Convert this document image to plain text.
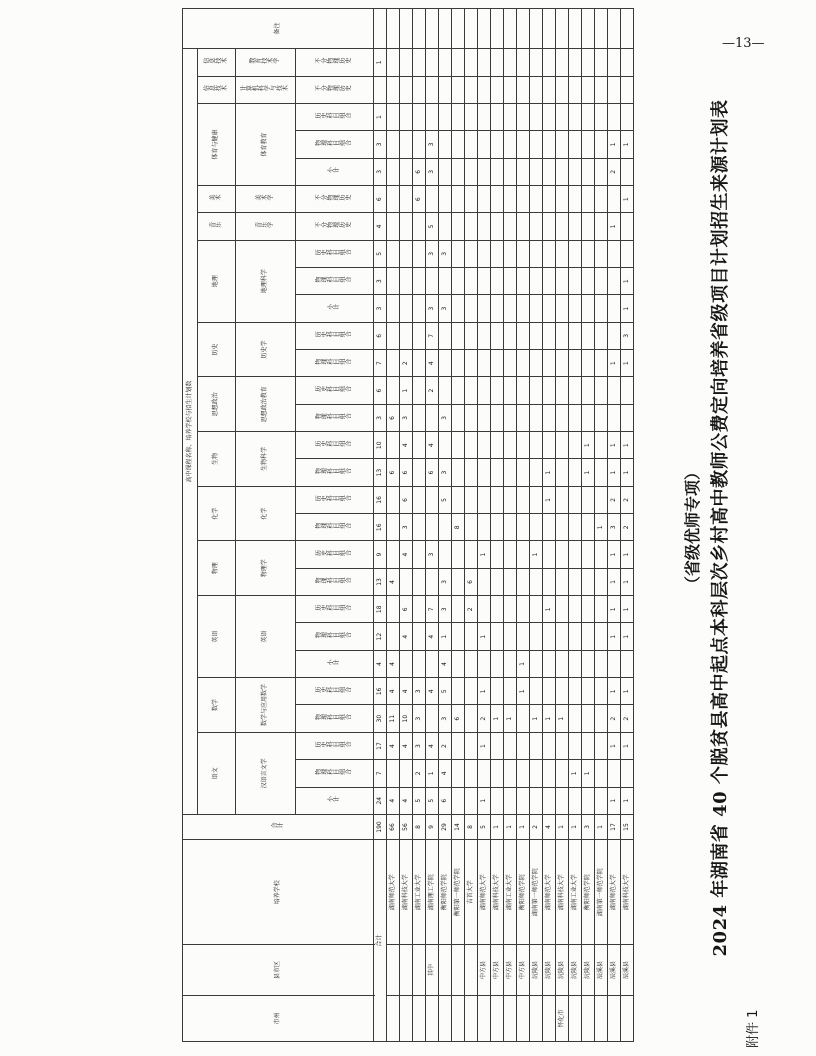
—13—
附件 1
2024 年湖南省 40 个脱贫县高中起点本科层次乡村高中教师公费定向培养省级项目计划招生来源计划表
（省级优师专项）
市州	县市区	培养学校	合计	高中课程名称、培养学校与招生计划数																												备注
				语文			数学		英语			物理		化学		生物		思想政治		历史		地理			音乐	美术	体育与健康			信息技术	信息技术	
				汉语言文学			数学与应用数学		英语			物理学		化学		生物科学		思想政治教育		历史学		地理科学			音乐学	美术学	体育教育			计算机科学与技术	教育技术学	
				小计	物理科目组合	历史科目组合	物理科目组合	历史科目组合	小计	物理科目组合	历史科目组合	物理科目组合	历史科目组合	物理科目组合	历史科目组合	物理科目组合	历史科目组合	物理科目组合	历史科目组合	物理科目组合	历史科目组合	小计	物理科目组合	历史科目组合	不分物理历史	不分物理历史	小计	物理科目组合	历史科目组合	不分物理历史	不分物理历史	

合计			190	24	7	17	30	16	4	12	18	13	9	16	16	13	10	3	6	7	6	3	3	5	4	6	3	3	1		1	
		湖南师范大学	66	4		4	11	4	4			4				6		6														
		湖南科技大学	56	4		4	10	4		4	6		4	3	6	6	4	3	1	2												
		湖南工业大学	8	5	2	3	3	3																		6	6					
	其中	湖南理工学院	9	5	1	4		4		4	7		3			6	4		2	4	7	3		3	5		3	3				
		衡阳师范学院	29	6	4	2	3	5	4	1	3	3			5	3		3				3		3								
		衡阳第一师范学院	14				6							8																		
		吉首大学	8								2	6																				
	中方县	湖南师范大学	5	1		1	2	1		1			1																			
	中方县	湖南科技大学	1				1																									
	中方县	湖南工业大学	1				1																									
	中方县	衡阳师范学院	1					1	1																							
	沅陵县	湖南第一师范学院	2				1						1																			
	沅陵县	湖南师范大学	4				1				1				1	1																
怀化市	沅陵县	湖南科技大学	1				1																									
	沅陵县	湖南工业大学	1		1																											
	沅陵县	衡阳师范学院	3		1											1	1															
	辰溪县	湖南第一师范学院	1											1																		
	辰溪县	湖南师范大学	17	1		1	2	1		1	1	1	1	3	2	1	1			1					1		2	1				
	辰溪县	湖南科技大学	15	1		1	2	1		1	1	1	1	2	2	1	1			1	3	1	1			1		1				
